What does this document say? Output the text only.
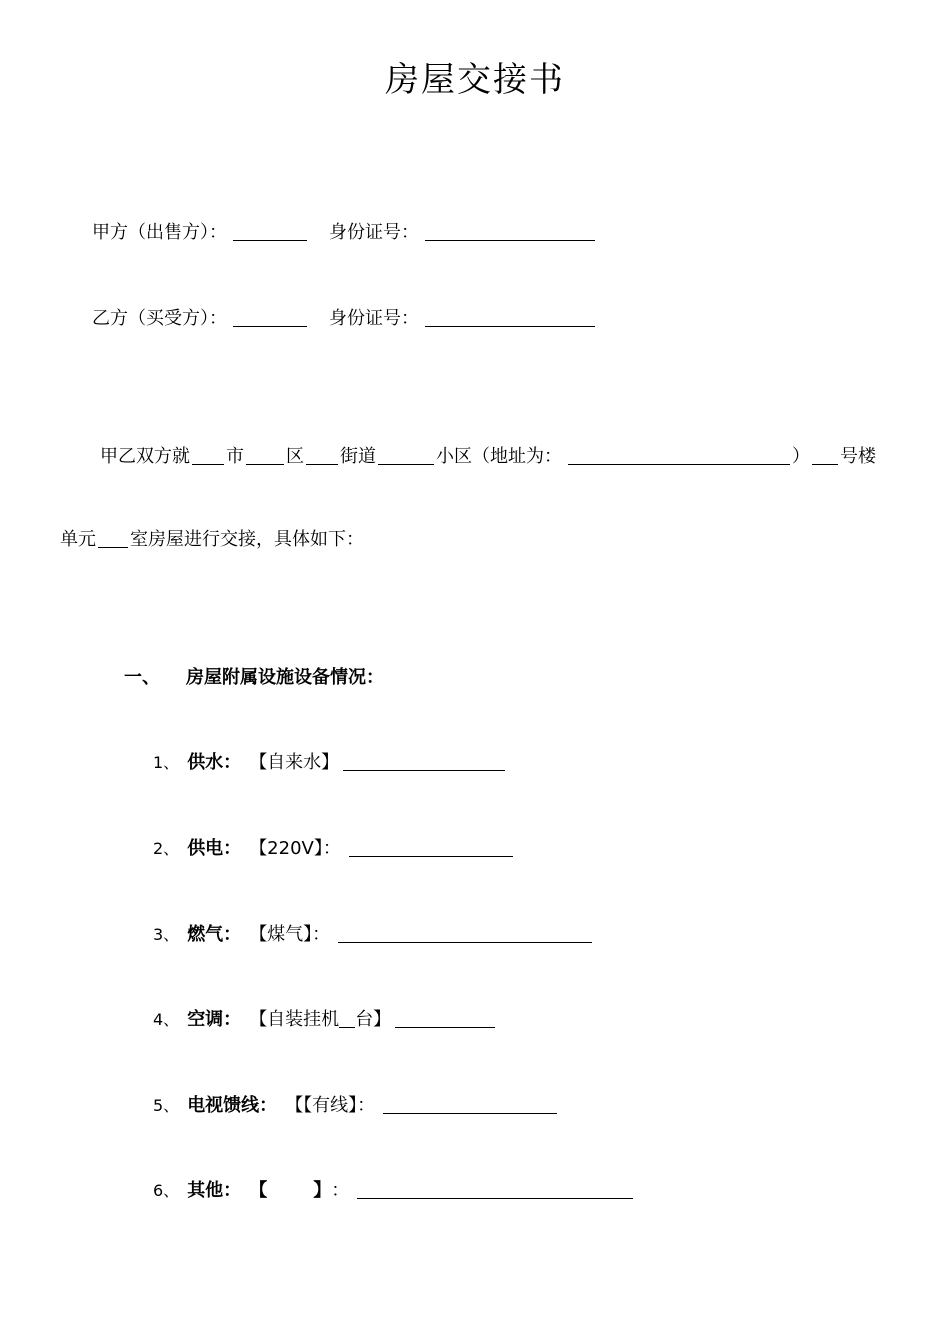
房屋交接书
甲方（出售方）：	身份证号：
乙方（买受方）：	身份证号：
甲乙双方就 市 区 街道	小区（地址为：	） 号楼
单元 室房屋进行交接，具体如下：
一、 房屋附属设施设备情况：
1、 供水： 【自来水】
2、 供电： 【220V】：
3、 燃气： 【煤气】：
4、 空调： 【自装挂机 台】
5、 电视馈线： 【【有线】：
6、 其他： 【	】 ：
